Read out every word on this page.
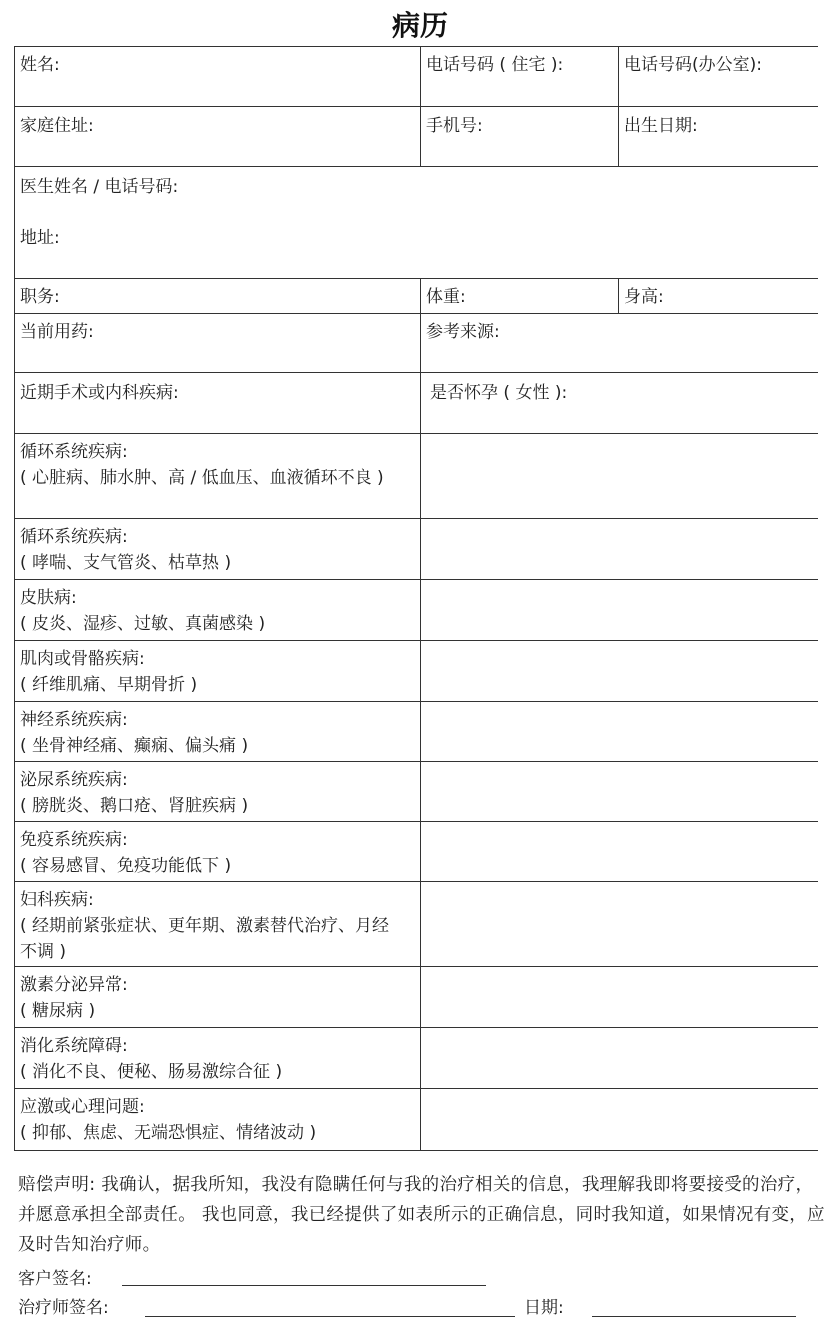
病历
姓名:	电话号码 ( 住宅 ):	电话号码(办公室):
家庭住址:	手机号:	出生日期:
医生姓名 / 电话号码:
地址:
职务:	体重:	身高:
当前用药:	参考来源:
近期手术或内科疾病:	是否怀孕 ( 女性 ):
循环系统疾病:
( 心脏病、肺水肿、高 / 低血压、血液循环不良 )
循环系统疾病:
( 哮喘、支气管炎、枯草热 )
皮肤病:
( 皮炎、湿疹、过敏、真菌感染 )
肌肉或骨骼疾病:
( 纤维肌痛、早期骨折 )
神经系统疾病:
( 坐骨神经痛、癫痫、偏头痛 )
泌尿系统疾病:
( 膀胱炎、鹅口疮、肾脏疾病 )
免疫系统疾病:
( 容易感冒、免疫功能低下 )
妇科疾病:
( 经期前紧张症状、更年期、激素替代治疗、月经不调 )
激素分泌异常:
( 糖尿病 )
消化系统障碍:
( 消化不良、便秘、肠易激综合征 )
应激或心理问题:
( 抑郁、焦虑、无端恐惧症、情绪波动 )
赔偿声明: 我确认，据我所知，我没有隐瞒任何与我的治疗相关的信息，我理解我即将要接受的治疗，并愿意承担全部责任。 我也同意，我已经提供了如表所示的正确信息，同时我知道，如果情况有变，应及时告知治疗师。
客户签名:
治疗师签名:	日期:
